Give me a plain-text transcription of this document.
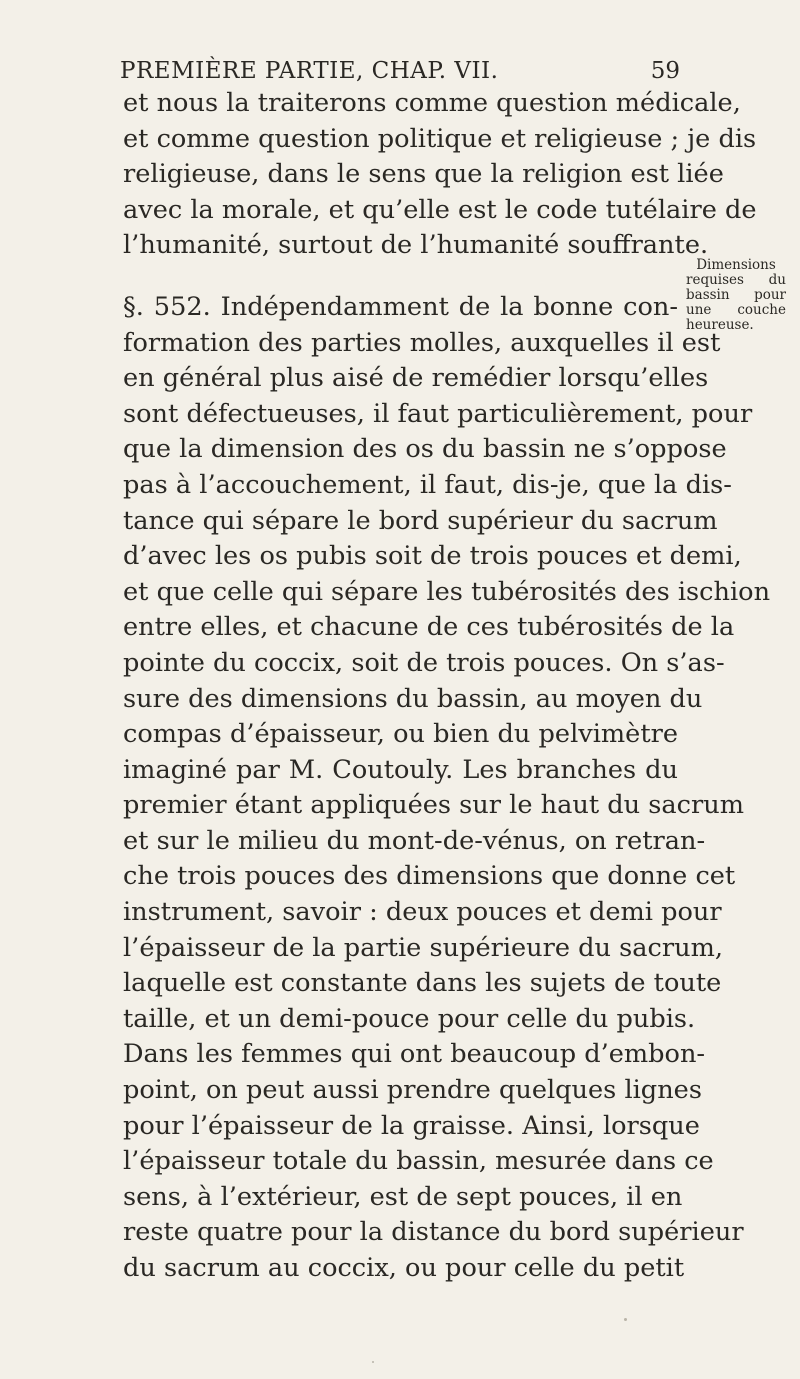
PREMIÈRE PARTIE, CHAP. VII.	59
et nous la traiterons comme question médicale,
et comme question politique et religieuse ; je dis
religieuse, dans le sens que la religion est liée
avec la morale, et qu’elle est le code tutélaire de
l’humanité, surtout de l’humanité souffrante.
§. 552. Indépendamment de la bonne con-
formation des parties molles, auxquelles il est
en général plus aisé de remédier lorsqu’elles
sont défectueuses, il faut particulièrement, pour
que la dimension des os du bassin ne s’oppose
pas à l’accouchement, il faut, dis-je, que la dis-
tance qui sépare le bord supérieur du sacrum
d’avec les os pubis soit de trois pouces et demi,
et que celle qui sépare les tubérosités des ischion
entre elles, et chacune de ces tubérosités de la
pointe du coccix, soit de trois pouces. On s’as-
sure des dimensions du bassin, au moyen du
compas d’épaisseur, ou bien du pelvimètre
imaginé par M. Coutouly. Les branches du
premier étant appliquées sur le haut du sacrum
et sur le milieu du mont-de-vénus, on retran-
che trois pouces des dimensions que donne cet
instrument, savoir : deux pouces et demi pour
l’épaisseur de la partie supérieure du sacrum,
laquelle est constante dans les sujets de toute
taille, et un demi-pouce pour celle du pubis.
Dans les femmes qui ont beaucoup d’embon-
point, on peut aussi prendre quelques lignes
pour l’épaisseur de la graisse. Ainsi, lorsque
l’épaisseur totale du bassin, mesurée dans ce
sens, à l’extérieur, est de sept pouces, il en
reste quatre pour la distance du bord supérieur
du sacrum au coccix, ou pour celle du petit
Dimensions
requises du
bassin pour
une couche
heureuse.
